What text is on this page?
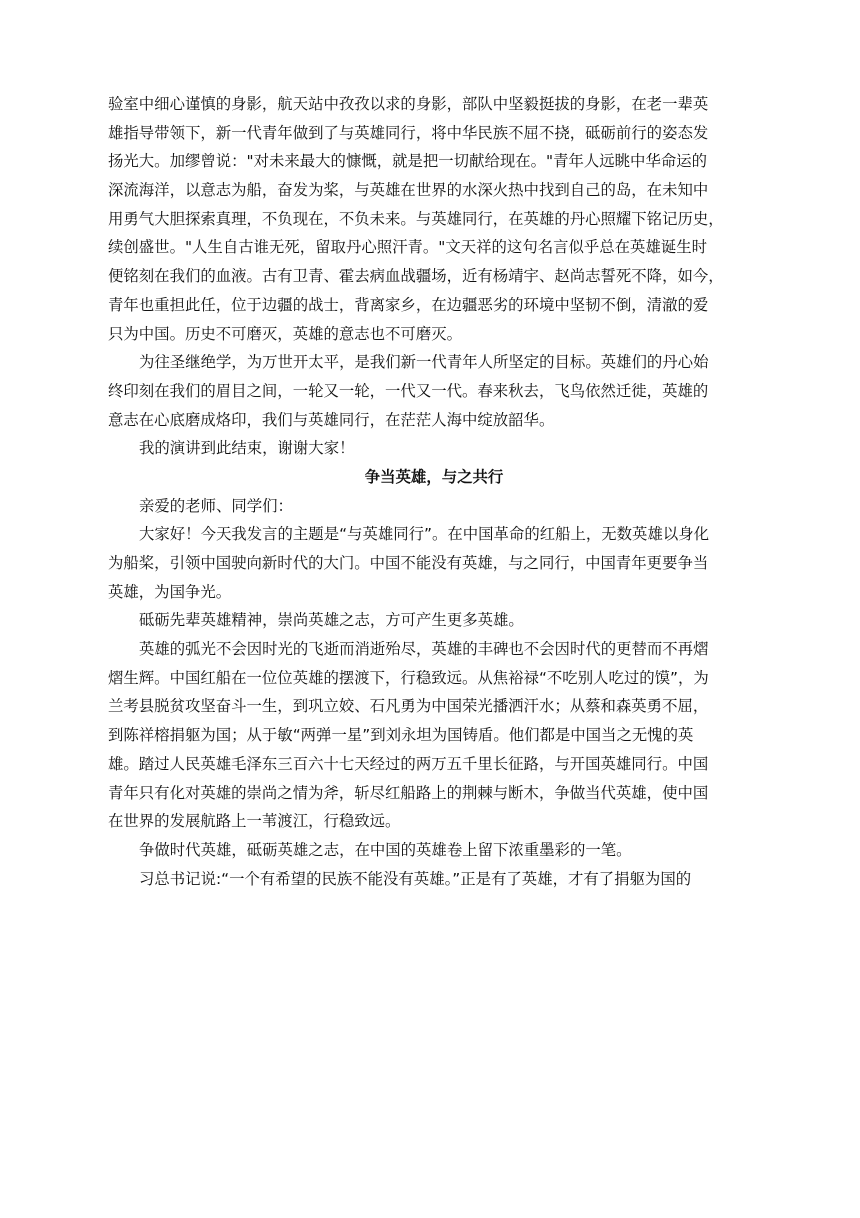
验室中细心谨慎的身影，航天站中孜孜以求的身影，部队中坚毅挺拔的身影，在老一辈英
雄指导带领下，新一代青年做到了与英雄同行，将中华民族不屈不挠，砥砺前行的姿态发
扬光大。加缪曾说："对未来最大的慷慨，就是把一切献给现在。"青年人远眺中华命运的
深流海洋，以意志为船，奋发为桨，与英雄在世界的水深火热中找到自己的岛，在未知中
用勇气大胆探索真理，不负现在，不负未来。与英雄同行，在英雄的丹心照耀下铭记历史，
续创盛世。"人生自古谁无死，留取丹心照汗青。"文天祥的这句名言似乎总在英雄诞生时
便铭刻在我们的血液。古有卫青、霍去病血战疆场，近有杨靖宇、赵尚志誓死不降，如今，
青年也重担此任，位于边疆的战士，背离家乡，在边疆恶劣的环境中坚韧不倒，清澈的爱
只为中国。历史不可磨灭，英雄的意志也不可磨灭。
为往圣继绝学，为万世开太平，是我们新一代青年人所坚定的目标。英雄们的丹心始
终印刻在我们的眉目之间，一轮又一轮，一代又一代。春来秋去，飞鸟依然迁徙，英雄的
意志在心底磨成烙印，我们与英雄同行，在茫茫人海中绽放韶华。
我的演讲到此结束，谢谢大家！
争当英雄，与之共行
亲爱的老师、同学们：
大家好！今天我发言的主题是“与英雄同行”。在中国革命的红船上，无数英雄以身化
为船桨，引领中国驶向新时代的大门。中国不能没有英雄，与之同行，中国青年更要争当
英雄，为国争光。
砥砺先辈英雄精神，崇尚英雄之志，方可产生更多英雄。
英雄的弧光不会因时光的飞逝而消逝殆尽，英雄的丰碑也不会因时代的更替而不再熠
熠生辉。中国红船在一位位英雄的摆渡下，行稳致远。从焦裕禄“不吃别人吃过的馍”，为
兰考县脱贫攻坚奋斗一生，到巩立姣、石凡勇为中国荣光播洒汗水；从蔡和森英勇不屈，
到陈祥榕捐躯为国；从于敏“两弹一星”到刘永坦为国铸盾。他们都是中国当之无愧的英
雄。踏过人民英雄毛泽东三百六十七天经过的两万五千里长征路，与开国英雄同行。中国
青年只有化对英雄的崇尚之情为斧，斩尽红船路上的荆棘与断木，争做当代英雄，使中国
在世界的发展航路上一苇渡江，行稳致远。
争做时代英雄，砥砺英雄之志，在中国的英雄卷上留下浓重墨彩的一笔。
习总书记说:“一个有希望的民族不能没有英雄。”正是有了英雄，才有了捐躯为国的
